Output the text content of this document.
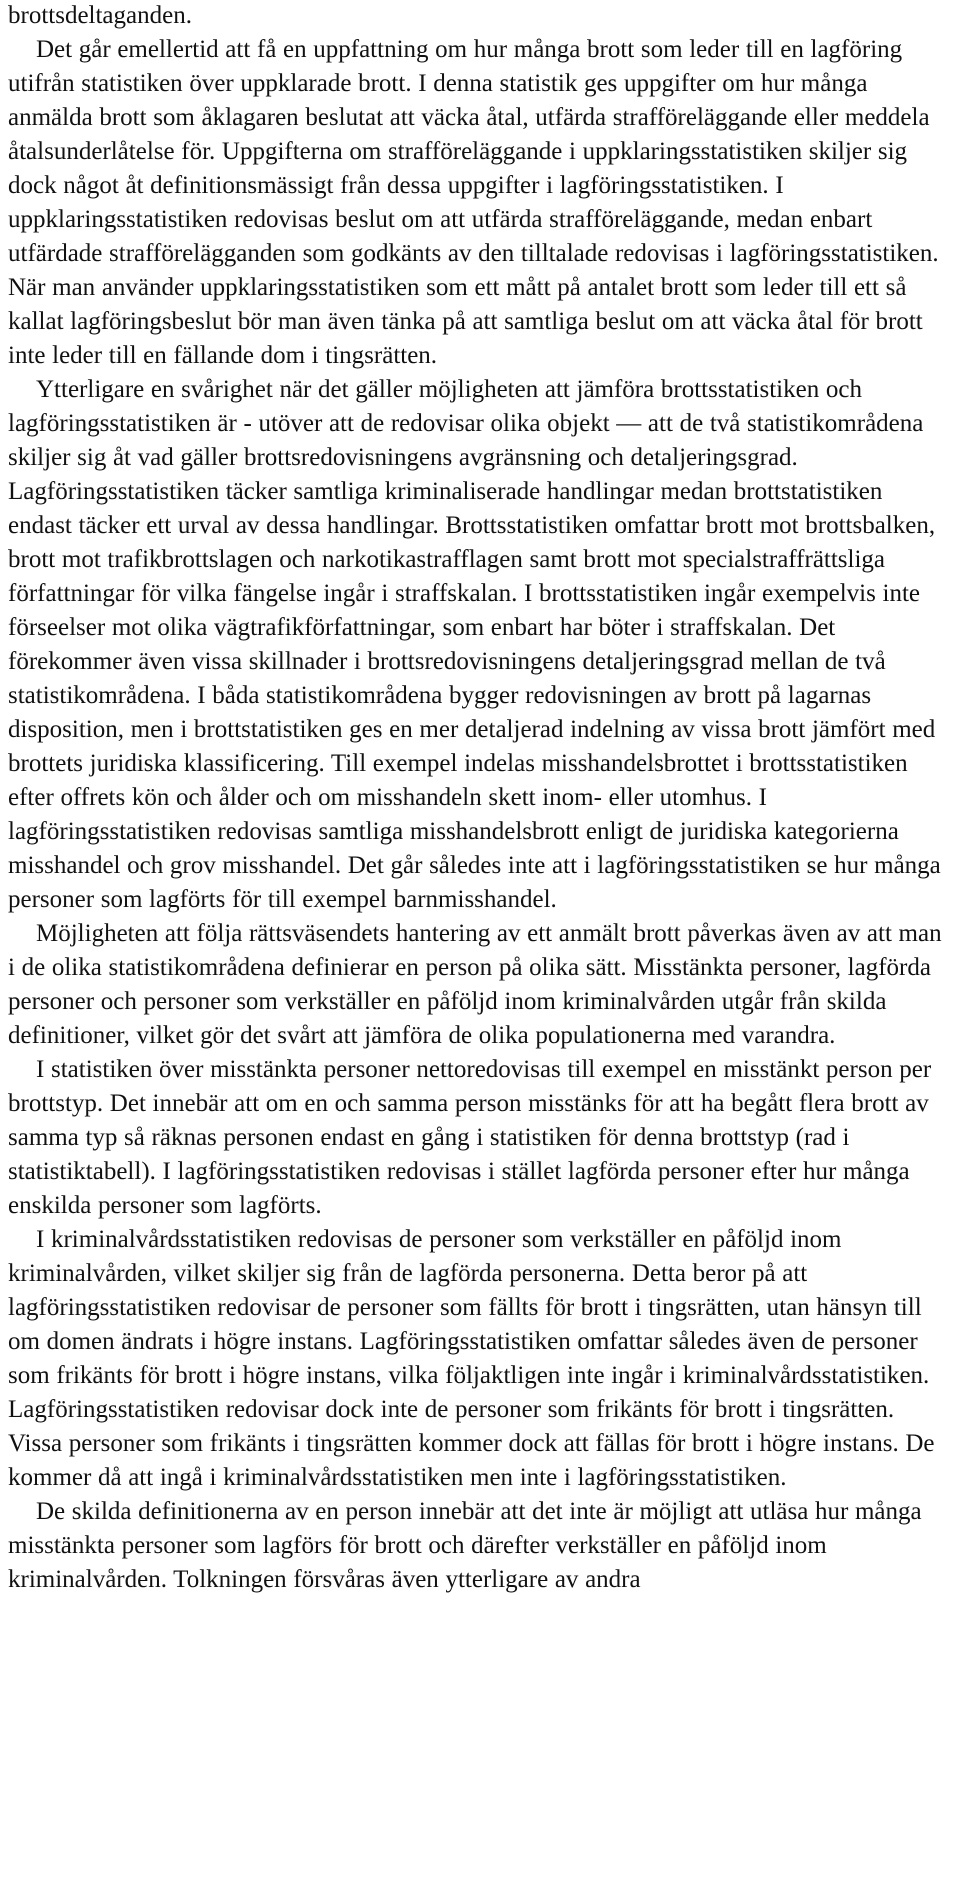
brottsdeltaganden.

Det går emellertid att få en uppfattning om hur många brott som leder till en lagföring utifrån statistiken över uppklarade brott. I denna statistik ges uppgifter om hur många anmälda brott som åklagaren beslutat att väcka åtal, utfärda strafföreläggande eller meddela åtalsunderlåtelse för. Uppgifterna om strafföreläggande i uppklaringsstatistiken skiljer sig dock något åt definitionsmässigt från dessa uppgifter i lagföringsstatistiken. I uppklaringsstatistiken redovisas beslut om att utfärda strafföreläggande, medan enbart utfärdade strafförelägganden som godkänts av den tilltalade redovisas i lagföringsstatistiken. När man använder uppklaringsstatistiken som ett mått på antalet brott som leder till ett så kallat lagföringsbeslut bör man även tänka på att samtliga beslut om att väcka åtal för brott inte leder till en fällande dom i tingsrätten.

Ytterligare en svårighet när det gäller möjligheten att jämföra brottsstatistiken och lagföringsstatistiken är - utöver att de redovisar olika objekt — att de två statistikområdena skiljer sig åt vad gäller brottsredovisningens avgränsning och detaljeringsgrad. Lagföringsstatistiken täcker samtliga kriminaliserade handlingar medan brottstatistiken endast täcker ett urval av dessa handlingar. Brottsstatistiken omfattar brott mot brottsbalken, brott mot trafikbrottslagen och narkotikastrafflagen samt brott mot specialstraffrättsliga författningar för vilka fängelse ingår i straffskalan. I brottsstatistiken ingår exempelvis inte förseelser mot olika vägtrafikförfattningar, som enbart har böter i straffskalan. Det förekommer även vissa skillnader i brottsredovisningens detaljeringsgrad mellan de två statistikområdena. I båda statistikområdena bygger redovisningen av brott på lagarnas disposition, men i brottstatistiken ges en mer detaljerad indelning av vissa brott jämfört med brottets juridiska klassificering. Till exempel indelas misshandelsbrottet i brottsstatistiken efter offrets kön och ålder och om misshandeln skett inom- eller utomhus. I lagföringsstatistiken redovisas samtliga misshandelsbrott enligt de juridiska kategorierna misshandel och grov misshandel. Det går således inte att i lagföringsstatistiken se hur många personer som lagförts för till exempel barnmisshandel.

Möjligheten att följa rättsväsendets hantering av ett anmält brott påverkas även av att man i de olika statistikområdena definierar en person på olika sätt. Misstänkta personer, lagförda personer och personer som verkställer en påföljd inom kriminalvården utgår från skilda definitioner, vilket gör det svårt att jämföra de olika populationerna med varandra.

I statistiken över misstänkta personer nettoredovisas till exempel en misstänkt person per brottstyp. Det innebär att om en och samma person misstänks för att ha begått flera brott av samma typ så räknas personen endast en gång i statistiken för denna brottstyp (rad i statistiktabell). I lagföringsstatistiken redovisas i stället lagförda personer efter hur många enskilda personer som lagförts.

I kriminalvårdsstatistiken redovisas de personer som verkställer en påföljd inom kriminalvården, vilket skiljer sig från de lagförda personerna. Detta beror på att lagföringsstatistiken redovisar de personer som fällts för brott i tingsrätten, utan hänsyn till om domen ändrats i högre instans. Lagföringsstatistiken omfattar således även de personer som frikänts för brott i högre instans, vilka följaktligen inte ingår i kriminalvårdsstatistiken. Lagföringsstatistiken redovisar dock inte de personer som frikänts för brott i tingsrätten. Vissa personer som frikänts i tingsrätten kommer dock att fällas för brott i högre instans. De kommer då att ingå i kriminalvårdsstatistiken men inte i lagföringsstatistiken.

De skilda definitionerna av en person innebär att det inte är möjligt att utläsa hur många misstänkta personer som lagförs för brott och därefter verkställer en påföljd inom kriminalvården. Tolkningen försvåras även ytterligare av andra
